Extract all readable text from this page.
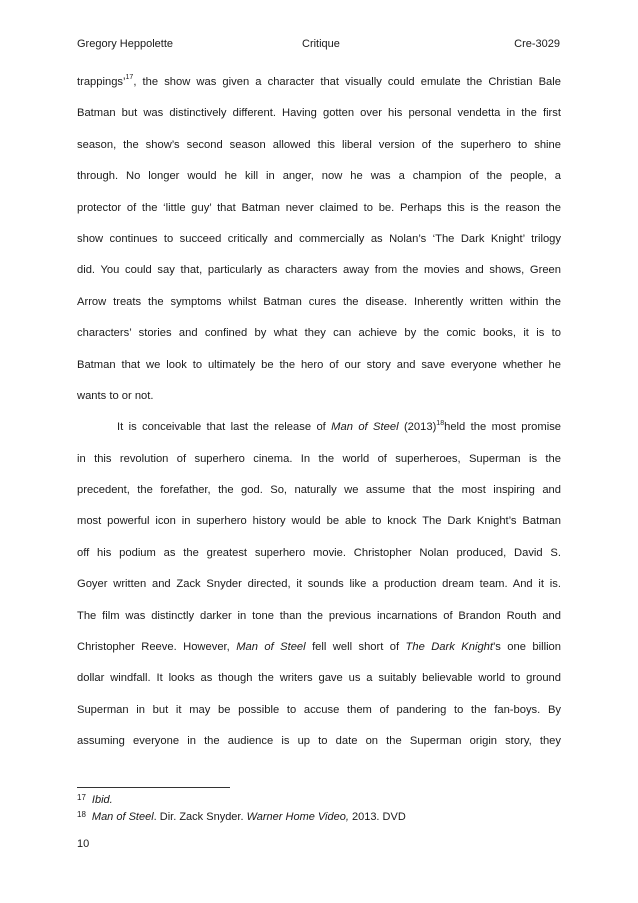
Gregory Heppolette	Critique	Cre-3029
trappings’$^{17}$, the show was given a character that visually could emulate the Christian Bale
Batman but was distinctively different. Having gotten over his personal vendetta in the first
season, the show’s second season allowed this liberal version of the superhero to shine
through. No longer would he kill in anger, now he was a champion of the people, a
protector of the ‘little guy’ that Batman never claimed to be. Perhaps this is the reason the
show continues to succeed critically and commercially as Nolan’s ‘The Dark Knight’ trilogy
did. You could say that, particularly as characters away from the movies and shows, Green
Arrow treats the symptoms whilst Batman cures the disease. Inherently written within the
characters’ stories and confined by what they can achieve by the comic books, it is to
Batman that we look to ultimately be the hero of our story and save everyone whether he
wants to or not.
It is conceivable that last the release of Man of Steel $(2013)^{18}held$ the most promise
in this revolution of superhero cinema. In the world of superheroes, Superman is the
precedent, the forefather, the god. So, naturally we assume that the most inspiring and
most powerful icon in superhero history would be able to knock The Dark Knight’s Batman
off his podium as the greatest superhero movie. Christopher Nolan produced, David S.
Goyer written and Zack Snyder directed, it sounds like a production dream team. And it is.
The film was distinctly darker in tone than the previous incarnations of Brandon Routh and
Christopher Reeve. However, Man of Steel fell well short of The Dark Knight’s one billion
dollar windfall. It looks as though the writers gave us a suitably believable world to ground
Superman in but it may be possible to accuse them of pandering to the fan-boys. By
assuming everyone in the audience is up to date on the Superman origin story, they
$^{17}$ Ibid.
$^{18}$ Man of Steel. Dir. Zack Snyder. Warner Home Video, 2013. DVD
10
